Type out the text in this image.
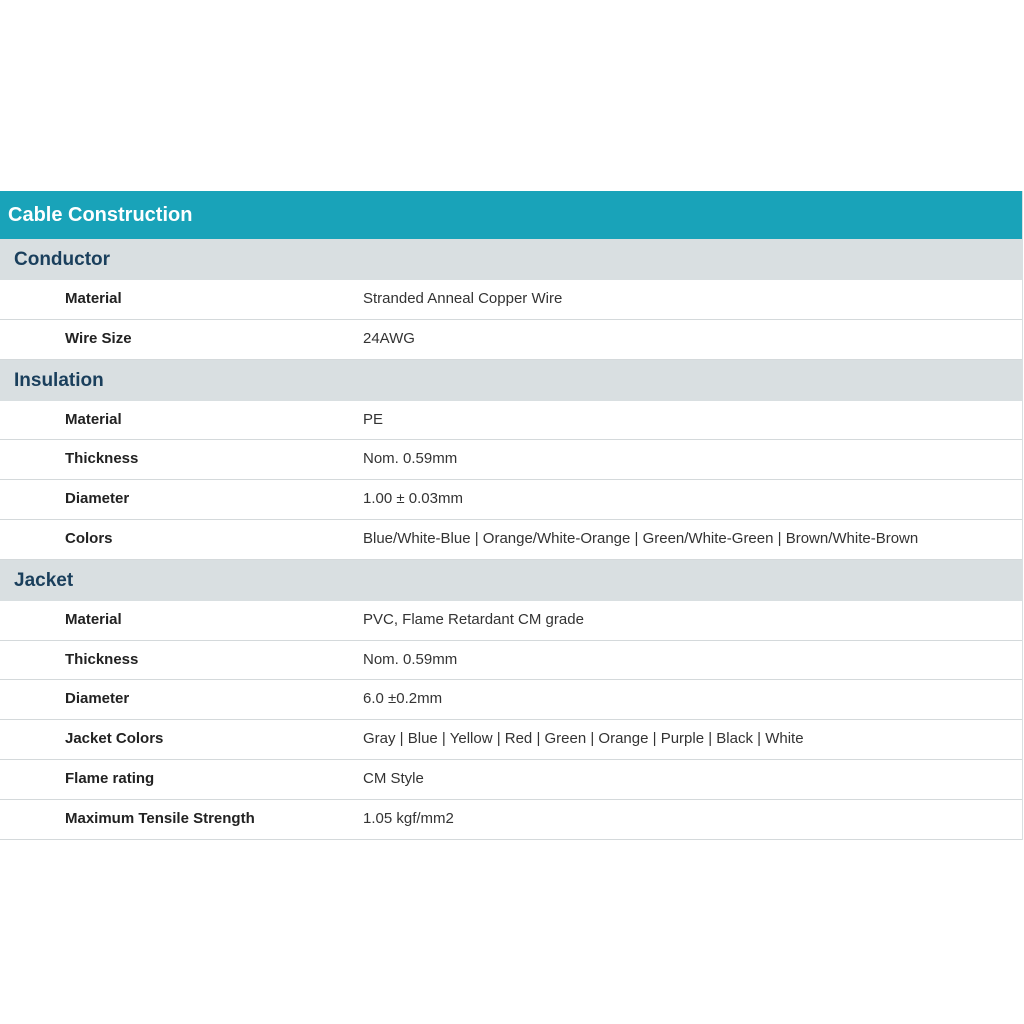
Cable Construction
Conductor
Material	Stranded Anneal Copper Wire
Wire Size	24AWG
Insulation
Material	PE
Thickness	Nom. 0.59mm
Diameter	1.00 ± 0.03mm
Colors	Blue/White-Blue | Orange/White-Orange | Green/White-Green | Brown/White-Brown
Jacket
Material	PVC, Flame Retardant CM grade
Thickness	Nom. 0.59mm
Diameter	6.0 ±0.2mm
Jacket Colors	Gray | Blue | Yellow | Red | Green | Orange | Purple | Black | White
Flame rating	CM Style
Maximum Tensile Strength	1.05 kgf/mm2
